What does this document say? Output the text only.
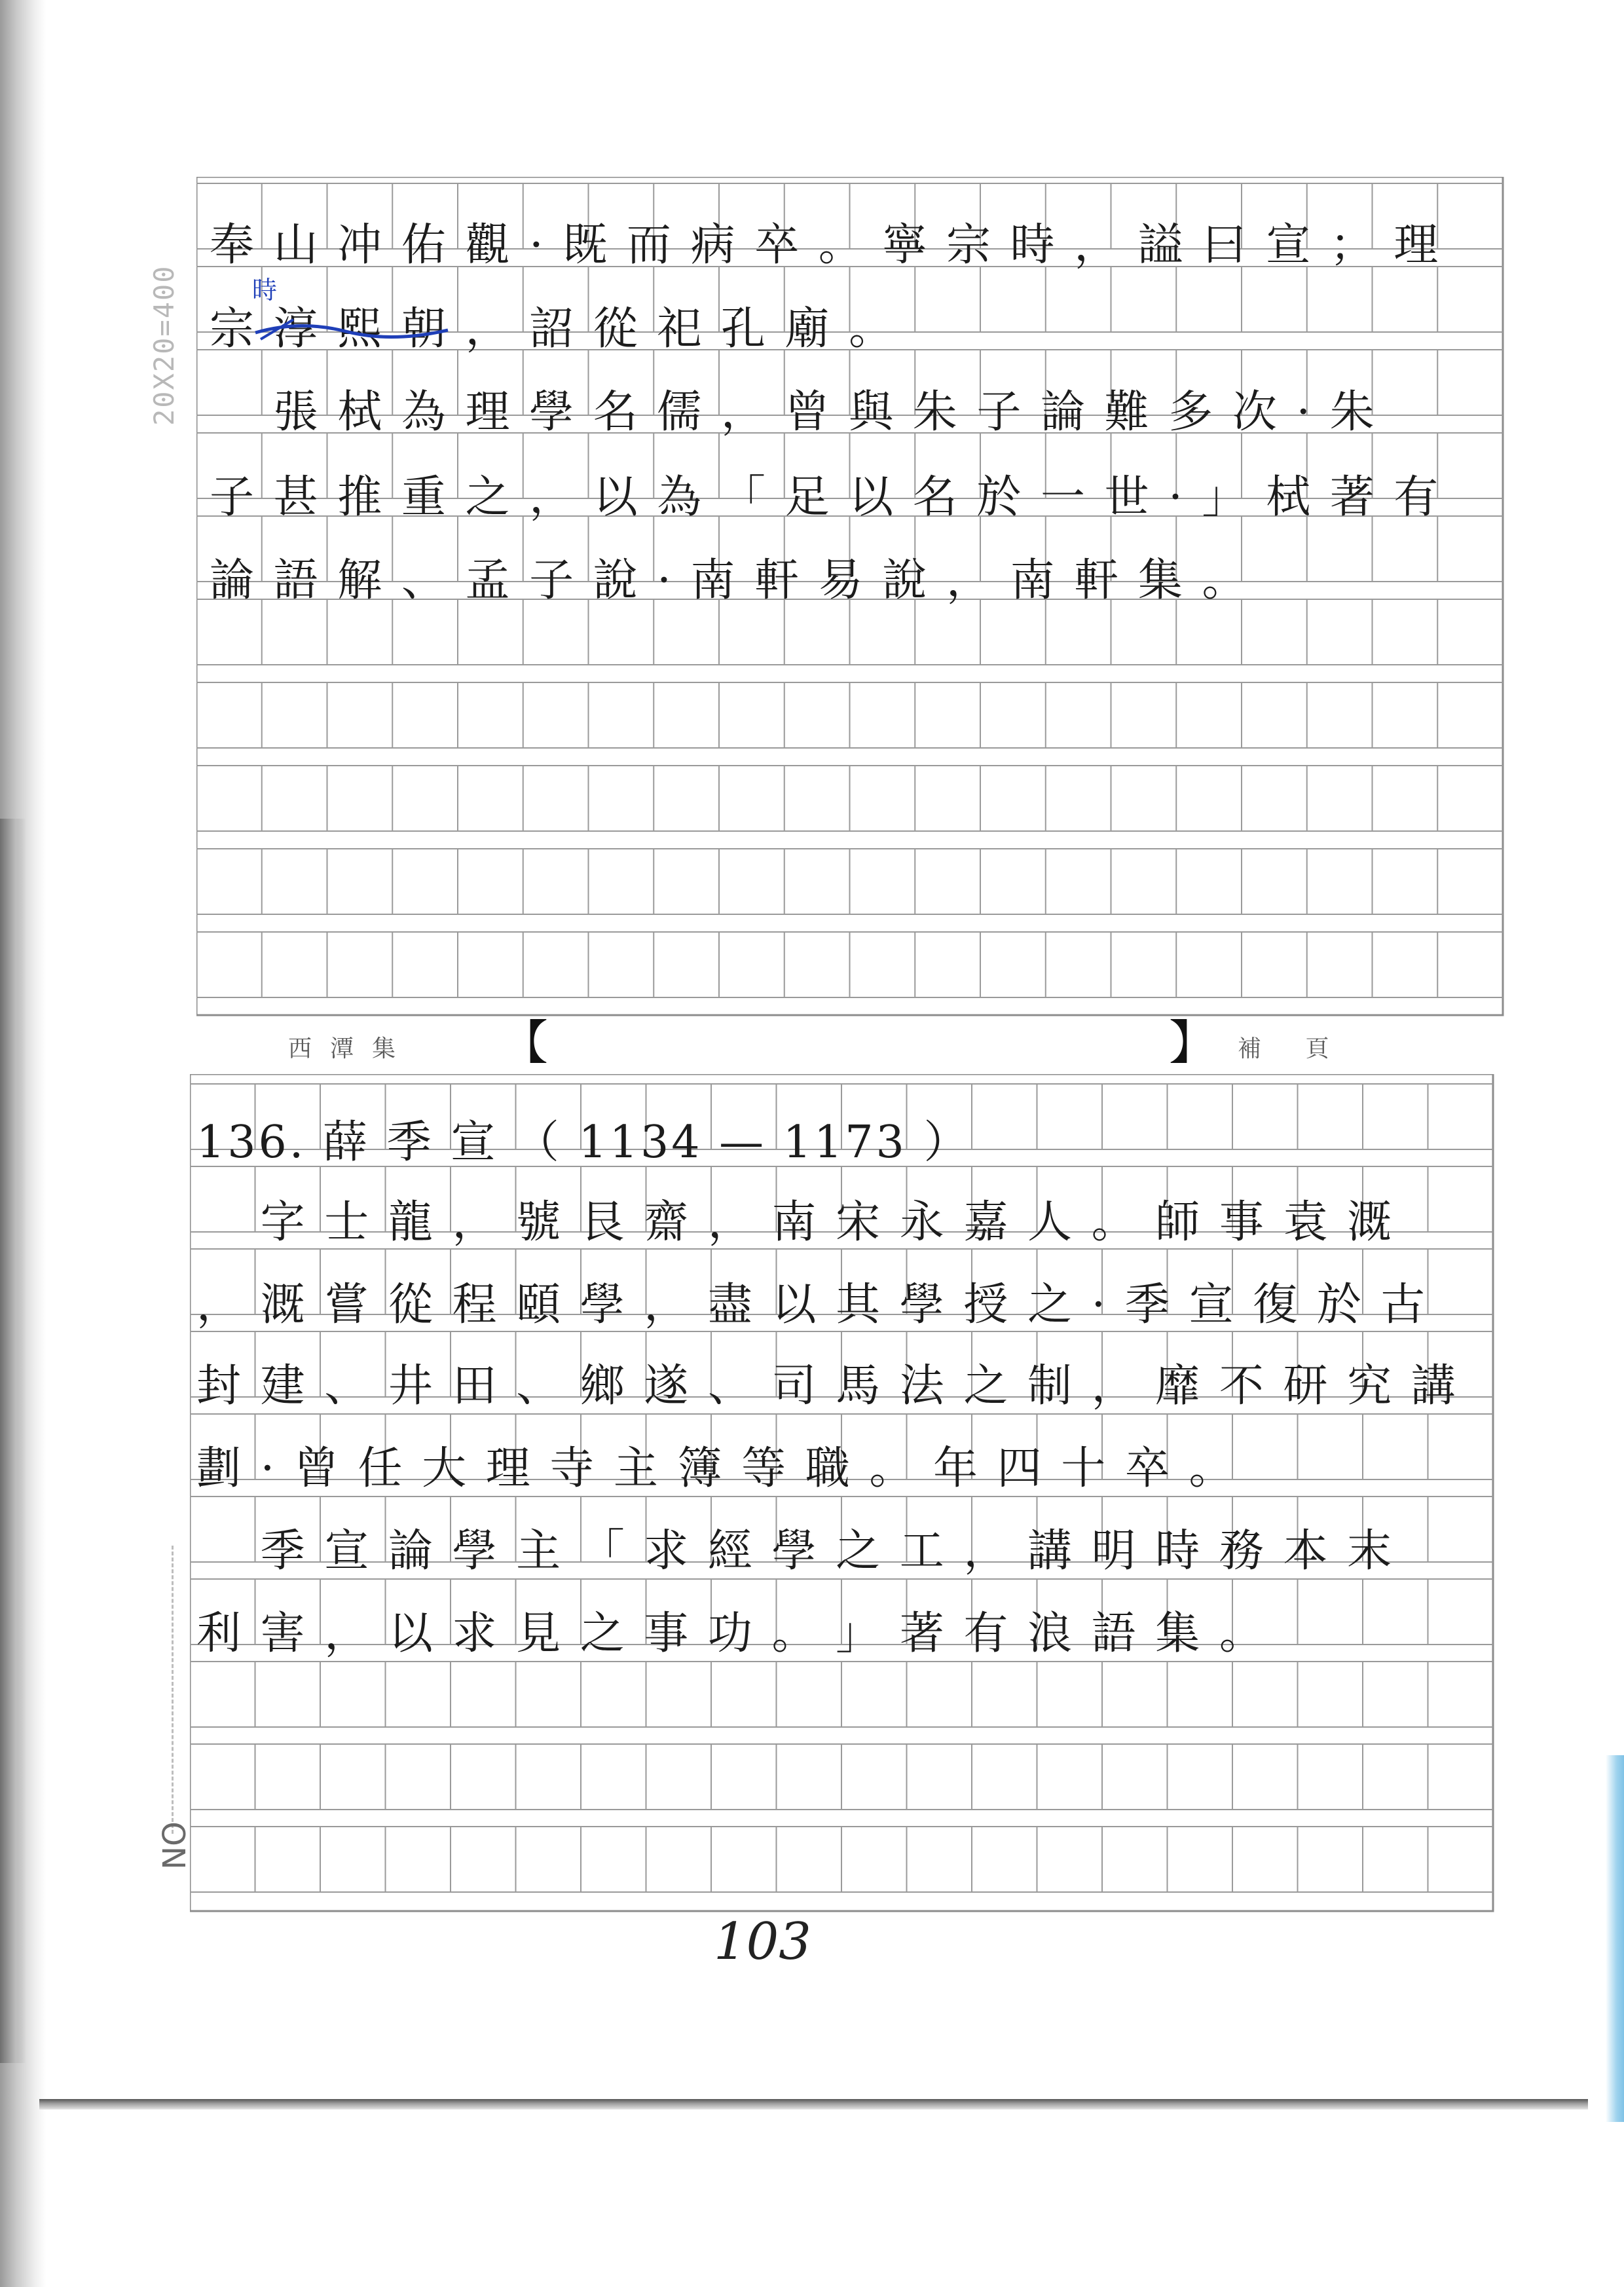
20X20=400
NO
西潭集 【	】 補 頁
奉 山 冲 佑 觀 · 既 而 病 卒 。 寧 宗 時 ， 謚 曰 宣 ； 理
宗 淳 熙 朝 ， 詔 從 祀 孔 廟 。
　 張 栻 為 理 學 名 儒 ， 曾 與 朱 子 論 難 多 次 · 朱
子 甚 推 重 之 ， 以 為 「 足 以 名 於 一 世 · 」 栻 著 有
論 語 解 、 孟 子 說 · 南 軒 易 說 ， 南 軒 集 。
時
136. 薛 季 宣 （ 1134 — 1173 ）
　 字 士 龍 ， 號 艮 齋 ， 南 宋 永 嘉 人 。 師 事 袁 溉
， 溉 嘗 從 程 頤 學 ， 盡 以 其 學 授 之 · 季 宣 復 於 古
封 建 、 井 田 、 鄉 遂 、 司 馬 法 之 制 ， 靡 不 研 究 講
劃 · 曾 任 大 理 寺 主 簿 等 職 。 年 四 十 卒 。
　 季 宣 論 學 主 「 求 經 學 之 工 ， 講 明 時 務 本 末
利 害 ， 以 求 見 之 事 功 。 」 著 有 浪 語 集 。
103
